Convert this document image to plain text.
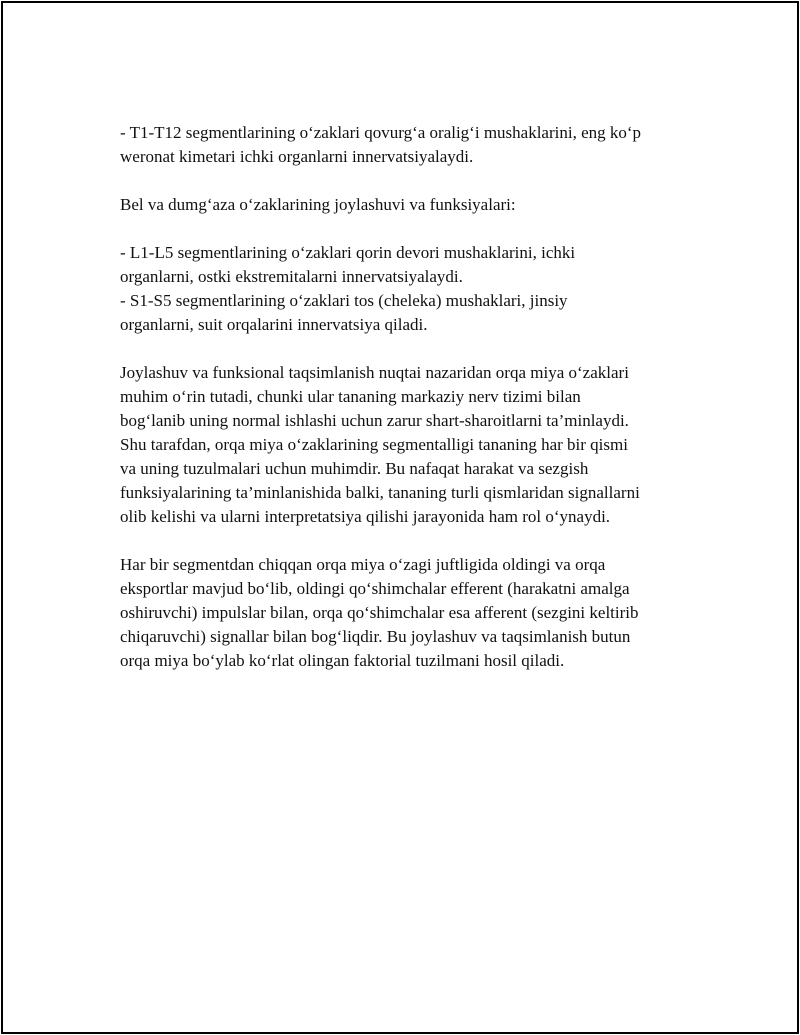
- T1-T12 segmentlarining o‘zaklari qovurg‘a oralig‘i mushaklarini, eng ko‘p
weronat kimetari ichki organlarni innervatsiyalaydi.

Bel va dumg‘aza o‘zaklarining joylashuvi va funksiyalari:

- L1-L5 segmentlarining o‘zaklari qorin devori mushaklarini, ichki
organlarni, ostki ekstremitalarni innervatsiyalaydi.
- S1-S5 segmentlarining o‘zaklari tos (cheleka) mushaklari, jinsiy
organlarni, suit orqalarini innervatsiya qiladi.

Joylashuv va funksional taqsimlanish nuqtai nazaridan orqa miya o‘zaklari
muhim o‘rin tutadi, chunki ular tananing markaziy nerv tizimi bilan
bog‘lanib uning normal ishlashi uchun zarur shart-sharoitlarni ta’minlaydi.
Shu tarafdan, orqa miya o‘zaklarining segmentalligi tananing har bir qismi
va uning tuzulmalari uchun muhimdir. Bu nafaqat harakat va sezgish
funksiyalarining ta’minlanishida balki, tananing turli qismlaridan signallarni
olib kelishi va ularni interpretatsiya qilishi jarayonida ham rol o‘ynaydi.

Har bir segmentdan chiqqan orqa miya o‘zagi juftligida oldingi va orqa
eksportlar mavjud bo‘lib, oldingi qo‘shimchalar efferent (harakatni amalga
oshiruvchi) impulslar bilan, orqa qo‘shimchalar esa afferent (sezgini keltirib
chiqaruvchi) signallar bilan bog‘liqdir. Bu joylashuv va taqsimlanish butun
orqa miya bo‘ylab ko‘rlat olingan faktorial tuzilmani hosil qiladi.
